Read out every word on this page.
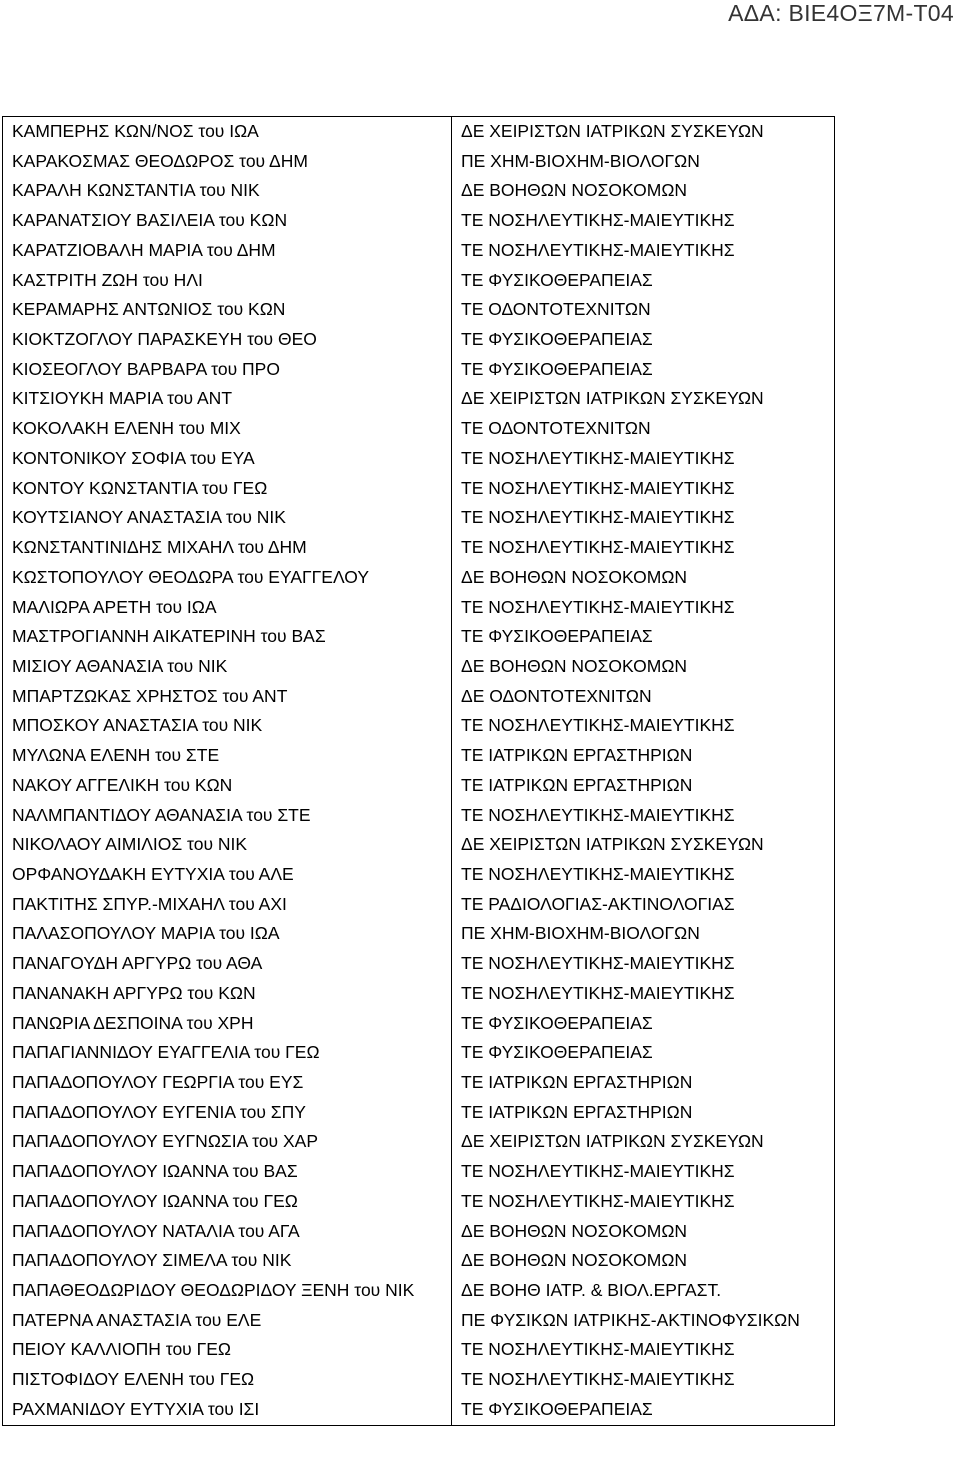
ΑΔΑ: ΒΙΕ4ΟΞ7Μ-Τ04
ΚΑΜΠΕΡΗΣ ΚΩΝ/ΝΟΣ του ΙΩΑ	ΔΕ ΧΕΙΡΙΣΤΩΝ ΙΑΤΡΙΚΩΝ ΣΥΣΚΕΥΩΝ
ΚΑΡΑΚΟΣΜΑΣ ΘΕΟΔΩΡΟΣ του ΔΗΜ	ΠΕ ΧΗΜ-ΒΙΟΧΗΜ-ΒΙΟΛΟΓΩΝ
ΚΑΡΑΛΗ ΚΩΝΣΤΑΝΤΙΑ του ΝΙΚ	ΔΕ ΒΟΗΘΩΝ ΝΟΣΟΚΟΜΩΝ
ΚΑΡΑΝΑΤΣΙΟΥ ΒΑΣΙΛΕΙΑ του ΚΩΝ	ΤΕ ΝΟΣΗΛΕΥΤΙΚΗΣ-ΜΑΙΕΥΤΙΚΗΣ
ΚΑΡΑΤΖΙΟΒΑΛΗ ΜΑΡΙΑ του ΔΗΜ	ΤΕ ΝΟΣΗΛΕΥΤΙΚΗΣ-ΜΑΙΕΥΤΙΚΗΣ
ΚΑΣΤΡΙΤΗ ΖΩΗ του ΗΛΙ	ΤΕ ΦΥΣΙΚΟΘΕΡΑΠΕΙΑΣ
ΚΕΡΑΜΑΡΗΣ ΑΝΤΩΝΙΟΣ του ΚΩΝ	ΤΕ ΟΔΟΝΤΟΤΕΧΝΙΤΩΝ
ΚΙΟΚΤΖΟΓΛΟΥ ΠΑΡΑΣΚΕΥΗ του ΘΕΟ	ΤΕ ΦΥΣΙΚΟΘΕΡΑΠΕΙΑΣ
ΚΙΟΣΕΟΓΛΟΥ ΒΑΡΒΑΡΑ του ΠΡΟ	ΤΕ ΦΥΣΙΚΟΘΕΡΑΠΕΙΑΣ
ΚΙΤΣΙΟΥΚΗ ΜΑΡΙΑ του ΑΝΤ	ΔΕ ΧΕΙΡΙΣΤΩΝ ΙΑΤΡΙΚΩΝ ΣΥΣΚΕΥΩΝ
ΚΟΚΟΛΑΚΗ ΕΛΕΝΗ του ΜΙΧ	ΤΕ ΟΔΟΝΤΟΤΕΧΝΙΤΩΝ
ΚΟΝΤΟΝΙΚΟΥ ΣΟΦΙΑ του ΕΥΑ	ΤΕ ΝΟΣΗΛΕΥΤΙΚΗΣ-ΜΑΙΕΥΤΙΚΗΣ
ΚΟΝΤΟΥ ΚΩΝΣΤΑΝΤΙΑ του ΓΕΩ	ΤΕ ΝΟΣΗΛΕΥΤΙΚΗΣ-ΜΑΙΕΥΤΙΚΗΣ
ΚΟΥΤΣΙΑΝΟΥ ΑΝΑΣΤΑΣΙΑ του ΝΙΚ	ΤΕ ΝΟΣΗΛΕΥΤΙΚΗΣ-ΜΑΙΕΥΤΙΚΗΣ
ΚΩΝΣΤΑΝΤΙΝΙΔΗΣ ΜΙΧΑΗΛ του ΔΗΜ	ΤΕ ΝΟΣΗΛΕΥΤΙΚΗΣ-ΜΑΙΕΥΤΙΚΗΣ
ΚΩΣΤΟΠΟΥΛΟΥ ΘΕΟΔΩΡΑ του ΕΥΑΓΓΕΛΟΥ	ΔΕ ΒΟΗΘΩΝ ΝΟΣΟΚΟΜΩΝ
ΜΑΛΙΩΡΑ ΑΡΕΤΗ του ΙΩΑ	ΤΕ ΝΟΣΗΛΕΥΤΙΚΗΣ-ΜΑΙΕΥΤΙΚΗΣ
ΜΑΣΤΡΟΓΙΑΝΝΗ ΑΙΚΑΤΕΡΙΝΗ του ΒΑΣ	ΤΕ ΦΥΣΙΚΟΘΕΡΑΠΕΙΑΣ
ΜΙΣΙΟΥ ΑΘΑΝΑΣΙΑ του ΝΙΚ	ΔΕ ΒΟΗΘΩΝ ΝΟΣΟΚΟΜΩΝ
ΜΠΑΡΤΖΩΚΑΣ ΧΡΗΣΤΟΣ του ΑΝΤ	ΔΕ ΟΔΟΝΤΟΤΕΧΝΙΤΩΝ
ΜΠΟΣΚΟΥ ΑΝΑΣΤΑΣΙΑ του ΝΙΚ	ΤΕ ΝΟΣΗΛΕΥΤΙΚΗΣ-ΜΑΙΕΥΤΙΚΗΣ
ΜΥΛΩΝΑ ΕΛΕΝΗ του ΣΤΕ	ΤΕ ΙΑΤΡΙΚΩΝ ΕΡΓΑΣΤΗΡΙΩΝ
ΝΑΚΟΥ ΑΓΓΕΛΙΚΗ του ΚΩΝ	ΤΕ ΙΑΤΡΙΚΩΝ ΕΡΓΑΣΤΗΡΙΩΝ
ΝΑΛΜΠΑΝΤΙΔΟΥ ΑΘΑΝΑΣΙΑ του ΣΤΕ	ΤΕ ΝΟΣΗΛΕΥΤΙΚΗΣ-ΜΑΙΕΥΤΙΚΗΣ
ΝΙΚΟΛΑΟΥ ΑΙΜΙΛΙΟΣ του ΝΙΚ	ΔΕ ΧΕΙΡΙΣΤΩΝ ΙΑΤΡΙΚΩΝ ΣΥΣΚΕΥΩΝ
ΟΡΦΑΝΟΥΔΑΚΗ ΕΥΤΥΧΙΑ του ΑΛΕ	ΤΕ ΝΟΣΗΛΕΥΤΙΚΗΣ-ΜΑΙΕΥΤΙΚΗΣ
ΠΑΚΤΙΤΗΣ ΣΠΥΡ.-ΜΙΧΑΗΛ του ΑΧΙ	ΤΕ ΡΑΔΙΟΛΟΓΙΑΣ-ΑΚΤΙΝΟΛΟΓΙΑΣ
ΠΑΛΑΣΟΠΟΥΛΟΥ ΜΑΡΙΑ του ΙΩΑ	ΠΕ ΧΗΜ-ΒΙΟΧΗΜ-ΒΙΟΛΟΓΩΝ
ΠΑΝΑΓΟΥΔΗ ΑΡΓΥΡΩ του ΑΘΑ	ΤΕ ΝΟΣΗΛΕΥΤΙΚΗΣ-ΜΑΙΕΥΤΙΚΗΣ
ΠΑΝΑΝΑΚΗ ΑΡΓΥΡΩ του ΚΩΝ	ΤΕ ΝΟΣΗΛΕΥΤΙΚΗΣ-ΜΑΙΕΥΤΙΚΗΣ
ΠΑΝΩΡΙΑ ΔΕΣΠΟΙΝΑ του ΧΡΗ	ΤΕ ΦΥΣΙΚΟΘΕΡΑΠΕΙΑΣ
ΠΑΠΑΓΙΑΝΝΙΔΟΥ ΕΥΑΓΓΕΛΙΑ του ΓΕΩ	ΤΕ ΦΥΣΙΚΟΘΕΡΑΠΕΙΑΣ
ΠΑΠΑΔΟΠΟΥΛΟΥ ΓΕΩΡΓΙΑ του ΕΥΣ	ΤΕ ΙΑΤΡΙΚΩΝ ΕΡΓΑΣΤΗΡΙΩΝ
ΠΑΠΑΔΟΠΟΥΛΟΥ ΕΥΓΕΝΙΑ του ΣΠΥ	ΤΕ ΙΑΤΡΙΚΩΝ ΕΡΓΑΣΤΗΡΙΩΝ
ΠΑΠΑΔΟΠΟΥΛΟΥ ΕΥΓΝΩΣΙΑ του ΧΑΡ	ΔΕ ΧΕΙΡΙΣΤΩΝ ΙΑΤΡΙΚΩΝ ΣΥΣΚΕΥΩΝ
ΠΑΠΑΔΟΠΟΥΛΟΥ ΙΩΑΝΝΑ του ΒΑΣ	ΤΕ ΝΟΣΗΛΕΥΤΙΚΗΣ-ΜΑΙΕΥΤΙΚΗΣ
ΠΑΠΑΔΟΠΟΥΛΟΥ ΙΩΑΝΝΑ του ΓΕΩ	ΤΕ ΝΟΣΗΛΕΥΤΙΚΗΣ-ΜΑΙΕΥΤΙΚΗΣ
ΠΑΠΑΔΟΠΟΥΛΟΥ ΝΑΤΑΛΙΑ του ΑΓΑ	ΔΕ ΒΟΗΘΩΝ ΝΟΣΟΚΟΜΩΝ
ΠΑΠΑΔΟΠΟΥΛΟΥ ΣΙΜΕΛΑ του ΝΙΚ	ΔΕ ΒΟΗΘΩΝ ΝΟΣΟΚΟΜΩΝ
ΠΑΠΑΘΕΟΔΩΡΙΔΟΥ ΘΕΟΔΩΡΙΔΟΥ ΞΕΝΗ του ΝΙΚ	ΔΕ ΒΟΗΘ ΙΑΤΡ. & ΒΙΟΛ.ΕΡΓΑΣΤ.
ΠΑΤΕΡΝΑ ΑΝΑΣΤΑΣΙΑ του ΕΛΕ	ΠΕ ΦΥΣΙΚΩΝ ΙΑΤΡΙΚΗΣ-ΑΚΤΙΝΟΦΥΣΙΚΩΝ
ΠΕΙΟΥ ΚΑΛΛΙΟΠΗ του ΓΕΩ	ΤΕ ΝΟΣΗΛΕΥΤΙΚΗΣ-ΜΑΙΕΥΤΙΚΗΣ
ΠΙΣΤΟΦΙΔΟΥ ΕΛΕΝΗ του ΓΕΩ	ΤΕ ΝΟΣΗΛΕΥΤΙΚΗΣ-ΜΑΙΕΥΤΙΚΗΣ
ΡΑΧΜΑΝΙΔΟΥ ΕΥΤΥΧΙΑ του ΙΣΙ	ΤΕ ΦΥΣΙΚΟΘΕΡΑΠΕΙΑΣ
